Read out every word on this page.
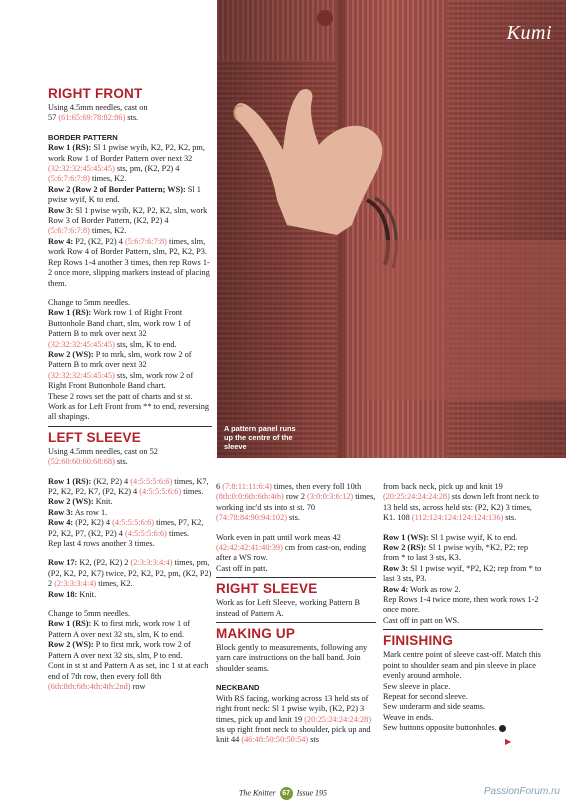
Kumi
A pattern panel runs up the centre of the sleeve
RIGHT FRONT

Using 4.5mm needles, cast on
57 (61:65:69:78:82:86) sts.

BORDER PATTERN

Row 1 (RS): Sl 1 pwise wyib, K2, P2, K2, pm, work Row 1 of Border Pattern over next 32 (32:32:32:45:45:45) sts, pm, (K2, P2) 4 (5:6:7:6:7:8) times, K2.

Row 2 (Row 2 of Border Pattern; WS): Sl 1 pwise wyif, K to end.

Row 3: Sl 1 pwise wyib, K2, P2, K2, slm, work Row 3 of Border Pattern, (K2, P2) 4 (5:6:7:6:7:8) times, K2.

Row 4: P2, (K2, P2) 4 (5:6:7:6:7:8) times, slm, work Row 4 of Border Pattern, slm, P2, K2, P3.

Rep Rows 1-4 another 3 times, then rep Rows 1-2 once more, slipping markers instead of placing them.

Change to 5mm needles.

Row 1 (RS): Work row 1 of Right Front Buttonhole Band chart, slm, work row 1 of Pattern B to mrk over next 32 (32:32:32:45:45:45) sts, slm, K to end.

Row 2 (WS): P to mrk, slm, work row 2 of Pattern B to mrk over next 32 (32:32:32:45:45:45) sts, slm, work row 2 of Right Front Buttonhole Band chart.

These 2 rows set the patt of charts and st st. Work as for Left Front from ** to end, reversing all shapings.

LEFT SLEEVE

Using 4.5mm needles, cast on 52 (52:60:60:60:68:68) sts.

Row 1 (RS): (K2, P2) 4 (4:5:5:5:6:6) times, K7, P2, K2, P2, K7, (P2, K2) 4 (4:5:5:5:6:6) times.

Row 2 (WS): Knit.

Row 3: As row 1.

Row 4: (P2, K2) 4 (4:5:5:5:6:6) times, P7, K2, P2, K2, P7, (K2, P2) 4 (4:5:5:5:6:6) times.

Rep last 4 rows another 3 times.

Row 17: K2, (P2, K2) 2 (2:3:3:3:4:4) times, pm, (P2, K2, P2, K7) twice, P2, K2, P2, pm, (K2, P2) 2 (2:3:3:3:4:4) times, K2.

Row 18: Knit.

Change to 5mm needles.

Row 1 (RS): K to first mrk, work row 1 of Pattern A over next 32 sts, slm, K to end.

Row 2 (WS): P to first mrk, work row 2 of Pattern A over next 32 sts, slm, P to end.

Cont in st st and Pattern A as set, inc 1 st at each end of 7th row, then every foll 8th (6th:8th:6th:4th:4th:2nd) row

6 (7:8:11:11:6:4) times, then every foll 10th (8th:0:0:6th:6th:4th) row 2 (3:0:0:3:6:12) times, working inc'd sts into st st. 70 (74:78:84:90:94:102) sts.

Work even in patt until work meas 42 (42:42:42:41:40:39) cm from cast-on, ending after a WS row.

Cast off in patt.

RIGHT SLEEVE

Work as for Left Sleeve, working Pattern B instead of Pattern A.

MAKING UP

Block gently to measurements, following any yarn care instructions on the ball band. Join shoulder seams.

NECKBAND

With RS facing, working across 13 held sts of right front neck: Sl 1 pwise wyib, (K2, P2) 3 times, pick up and knit 19 (20:25:24:24:24:28) sts up right front neck to shoulder, pick up and knit 44 (46:48:50:50:50:54) sts

from back neck, pick up and knit 19 (20:25:24:24:24:28) sts down left front neck to 13 held sts, across held sts: (P2, K2) 3 times, K1. 108 (112:124:124:124:124:136) sts.

Row 1 (WS): Sl 1 pwise wyif, K to end.

Row 2 (RS): Sl 1 pwise wyib, *K2, P2; rep from * to last 3 sts, K3.

Row 3: Sl 1 pwise wyif, *P2, K2; rep from * to last 3 sts, P3.

Row 4: Work as row 2.

Rep Rows 1-4 twice more, then work rows 1-2 once more.

Cast off in patt on WS.

FINISHING

Mark centre point of sleeve cast-off. Match this point to shoulder seam and pin sleeve in place evenly around armhole.

Sew sleeve in place.

Repeat for second sleeve.

Sew underarm and side seams.

Weave in ends.

Sew buttons opposite buttonholes.

▶
The Knitter 67 Issue 195	PassionForum.ru
